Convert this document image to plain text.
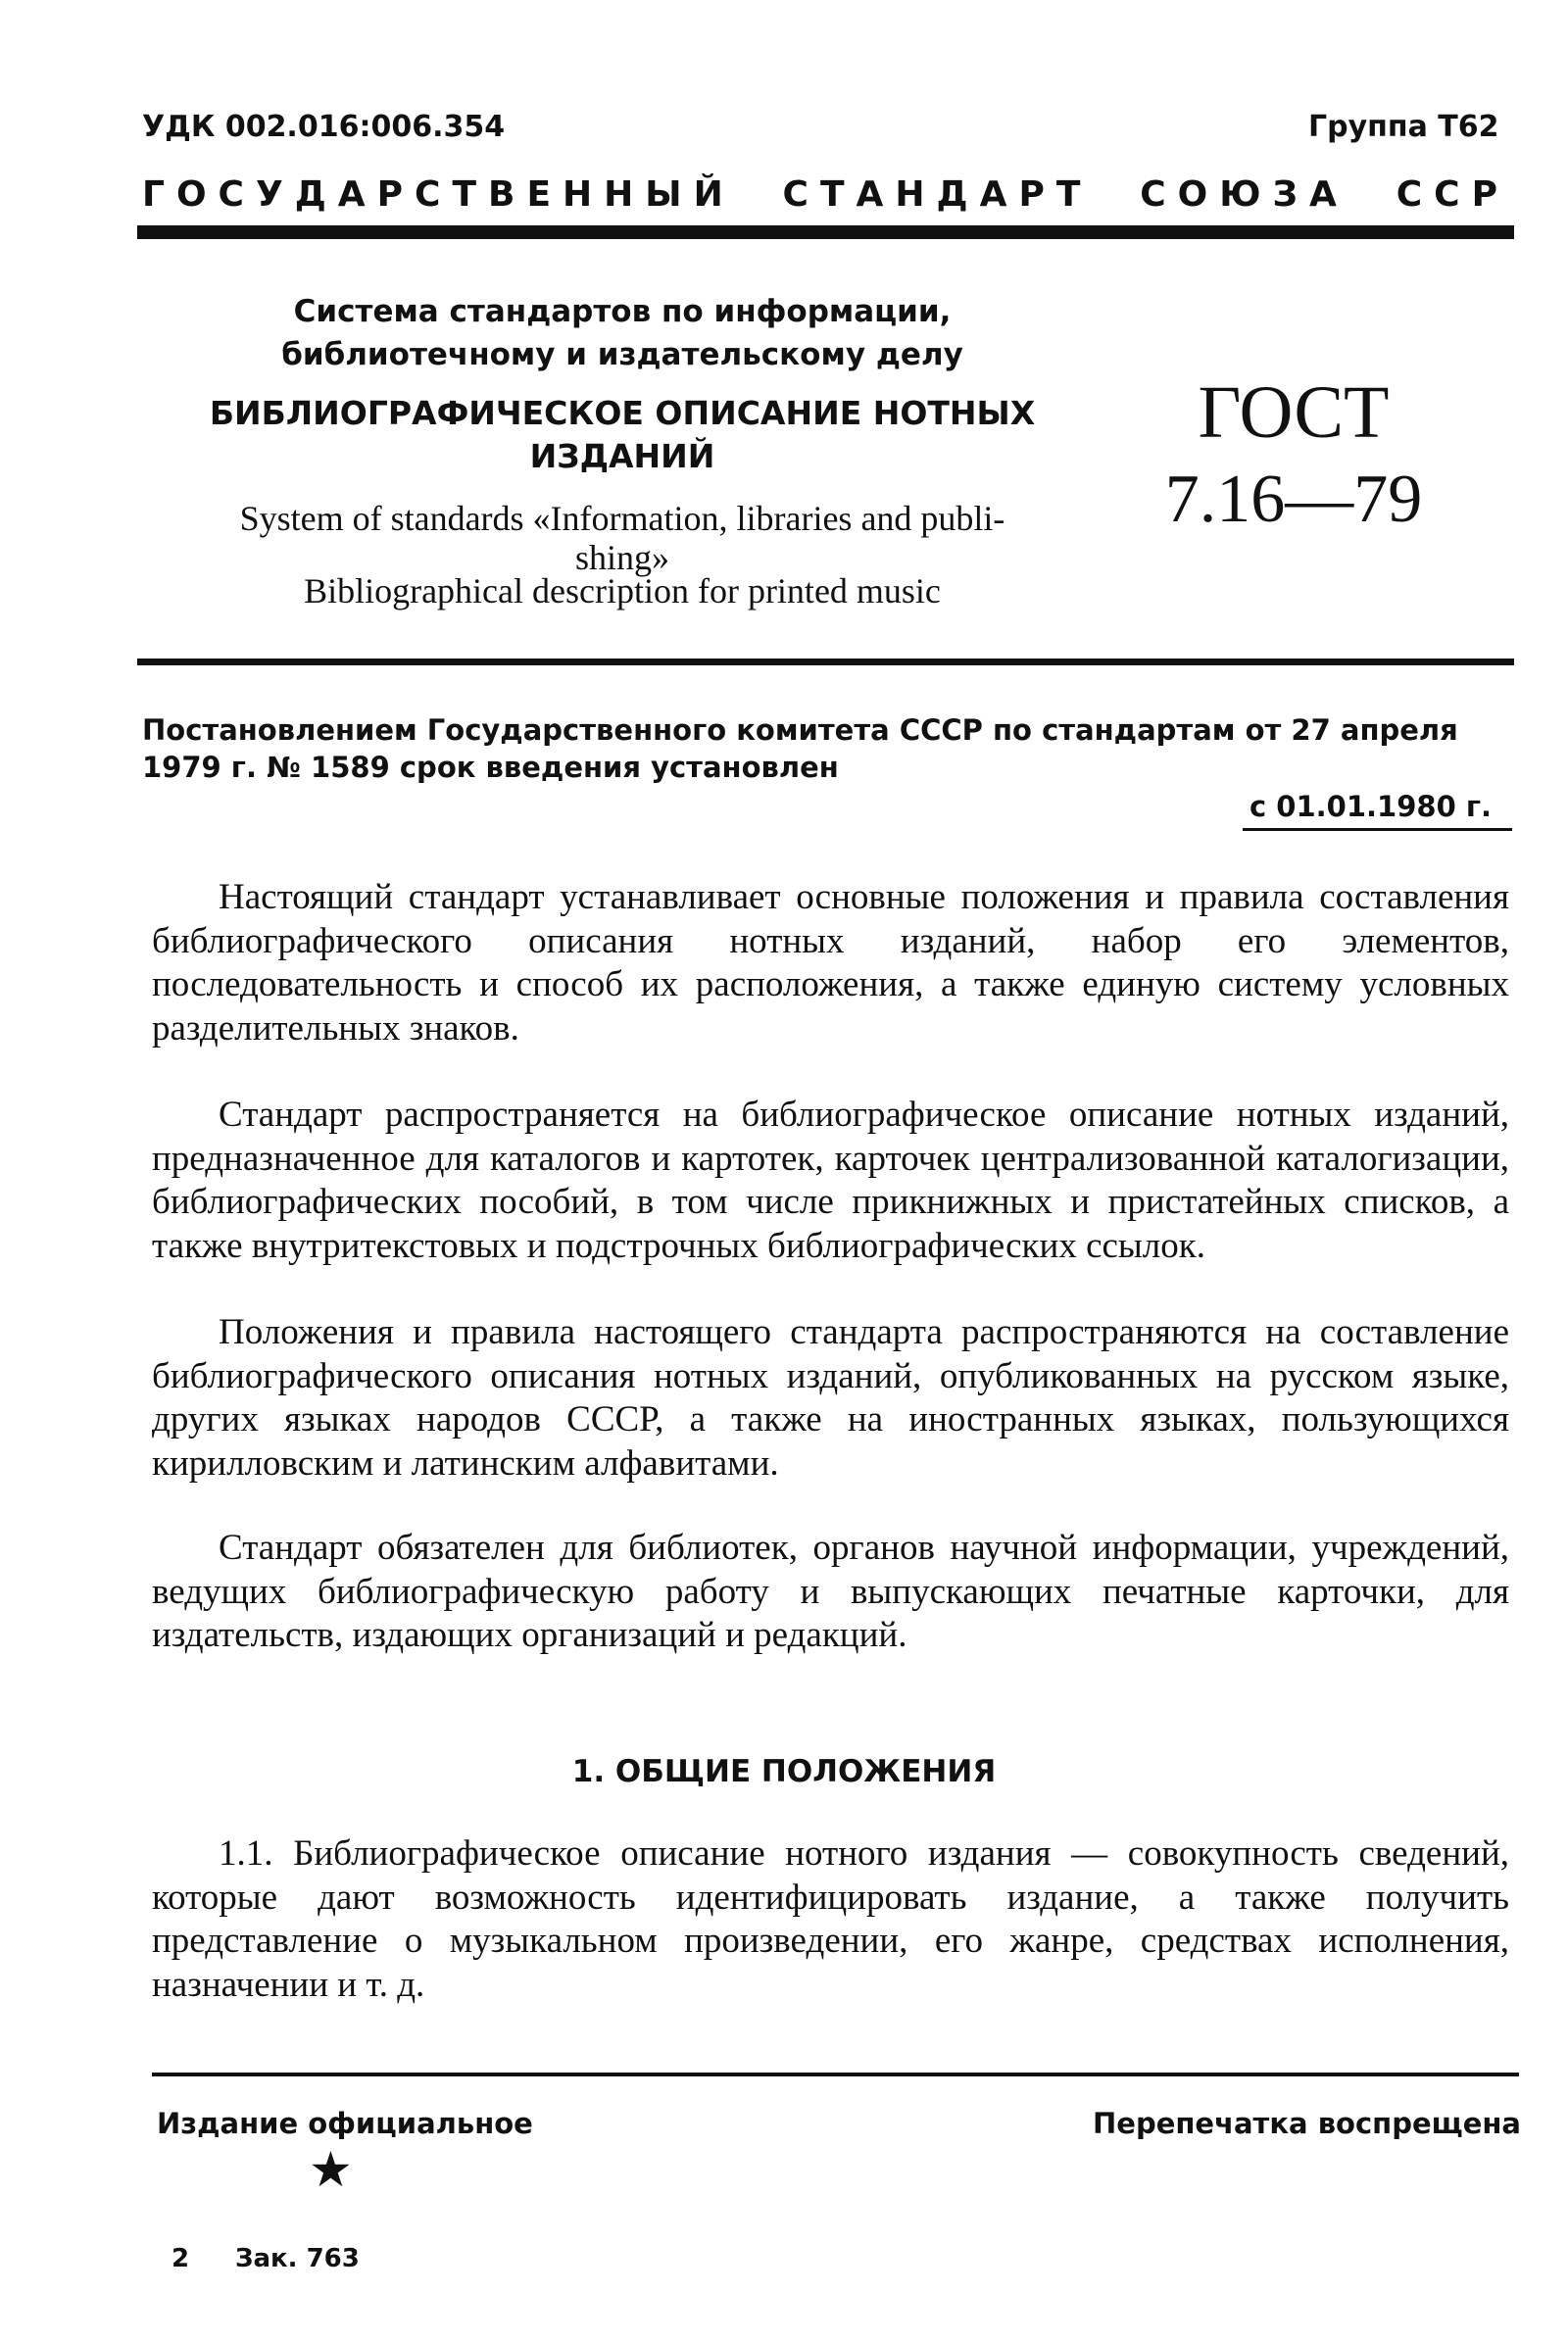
УДК 002.016:006.354	Группа Т62
ГОСУДАРСТВЕННЫЙ СТАНДАРТ СОЮЗА ССР
Система стандартов по информации,
библиотечному и издательскому делу
БИБЛИОГРАФИЧЕСКОЕ ОПИСАНИЕ НОТНЫХ
ИЗДАНИЙ
System of standards «Information, libraries and publi-
shing»
Bibliographical description for printed music
ГОСТ
7.16—79
Постановлением Государственного комитета СССР по стандартам от 27 апреля
1979 г. № 1589 срок введения установлен
с 01.01.1980 г.

Настоящий стандарт устанавливает основные положения и правила составления библиографического описания нотных изданий, набор его элементов, последовательность и способ их расположения, а также единую систему условных разделительных знаков.

Стандарт распространяется на библиографическое описание нотных изданий, предназначенное для каталогов и картотек, карточек централизованной каталогизации, библиографических пособий, в том числе прикнижных и пристатейных списков, а также внутритекстовых и подстрочных библиографических ссылок.

Положения и правила настоящего стандарта распространяются на составление библиографического описания нотных изданий, опубликованных на русском языке, других языках народов СССР, а также на иностранных языках, пользующихся кирилловским и латинским алфавитами.

Стандарт обязателен для библиотек, органов научной информации, учреждений, ведущих библиографическую работу и выпускающих печатные карточки, для издательств, издающих организаций и редакций.

1. ОБЩИЕ ПОЛОЖЕНИЯ

1.1. Библиографическое описание нотного издания — совокупность сведений, которые дают возможность идентифицировать издание, а также получить представление о музыкальном произведении, его жанре, средствах исполнения, назначении и т. д.

Издание официальное	Перепечатка воспрещена
★
2 Зак. 763
